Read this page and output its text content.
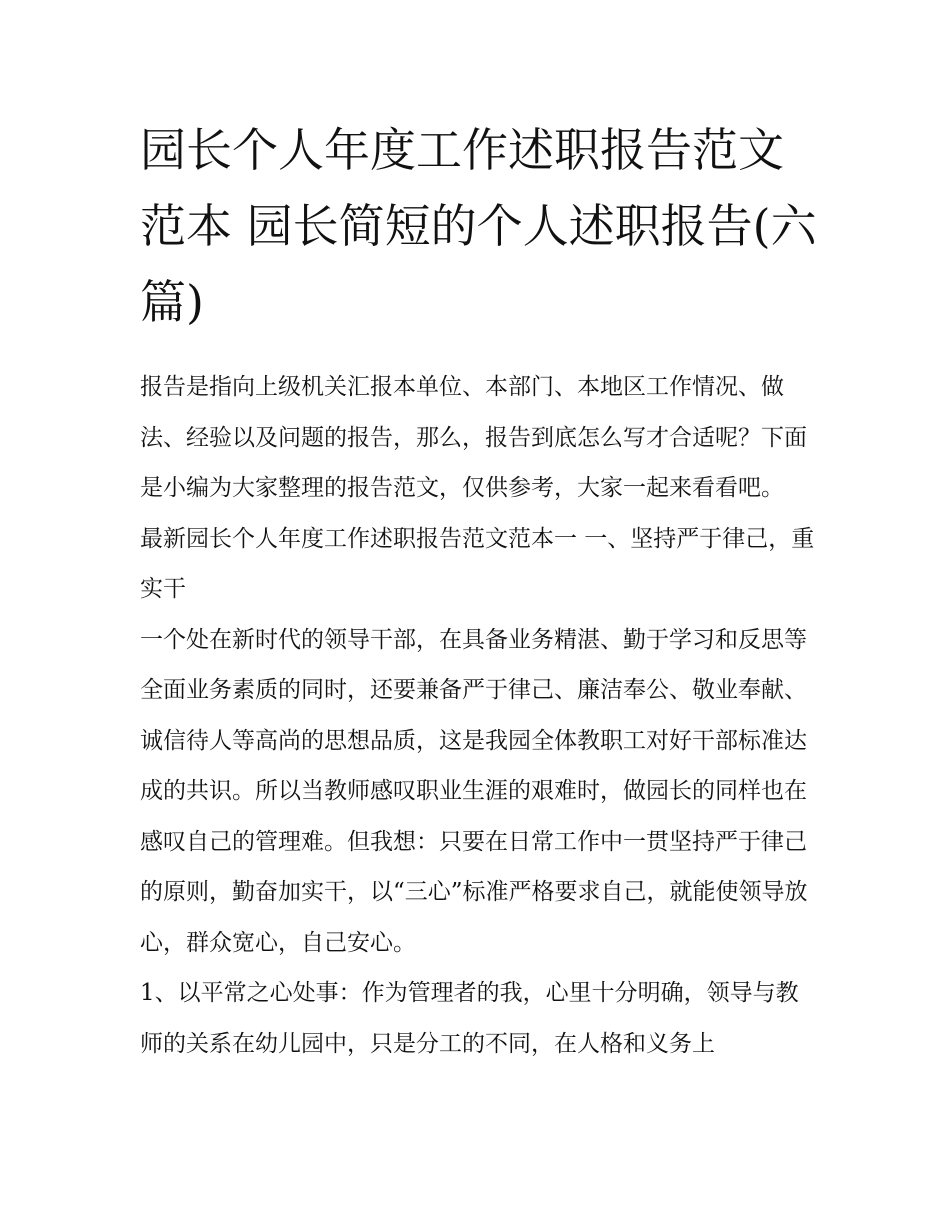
园长个人年度工作述职报告范文范本 园长简短的个人述职报告(六篇)

报告是指向上级机关汇报本单位、本部门、本地区工作情况、做法、经验以及问题的报告，那么，报告到底怎么写才合适呢？下面是小编为大家整理的报告范文，仅供参考，大家一起来看看吧。

最新园长个人年度工作述职报告范文范本一 一、坚持严于律己，重实干

一个处在新时代的领导干部，在具备业务精湛、勤于学习和反思等全面业务素质的同时，还要兼备严于律己、廉洁奉公、敬业奉献、诚信待人等高尚的思想品质，这是我园全体教职工对好干部标准达成的共识。所以当教师感叹职业生涯的艰难时，做园长的同样也在感叹自己的管理难。但我想：只要在日常工作中一贯坚持严于律己的原则，勤奋加实干，以“三心”标准严格要求自己，就能使领导放心，群众宽心，自己安心。

1、以平常之心处事：作为管理者的我，心里十分明确，领导与教师的关系在幼儿园中，只是分工的不同，在人格和义务上
